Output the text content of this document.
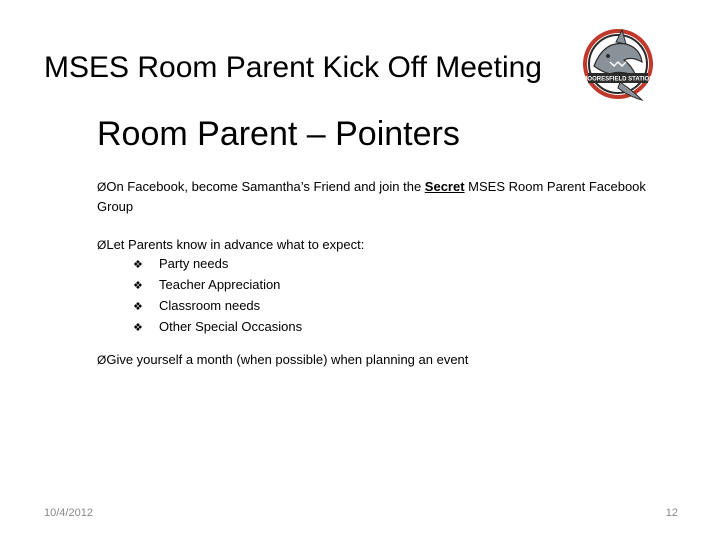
MSES Room Parent Kick Off Meeting	MOORESFIELD STATION
Room Parent – Pointers
ØOn Facebook, become Samantha’s Friend and join the Secret MSES Room Parent Facebook Group
ØLet Parents know in advance what to expect:
❖ Party needs
❖ Teacher Appreciation
❖ Classroom needs
❖ Other Special Occasions
ØGive yourself a month (when possible) when planning an event
10/4/2012	12
